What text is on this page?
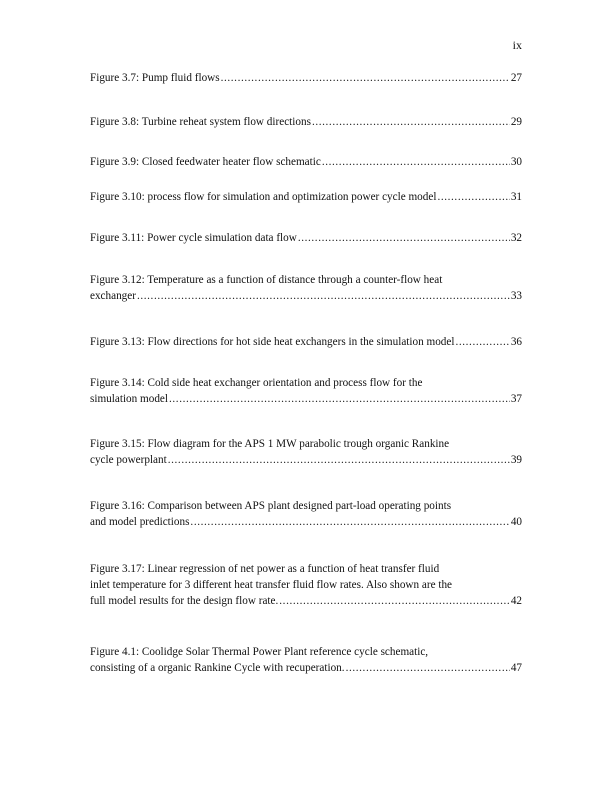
ix
Figure 3.7: Pump fluid flows .....	27
Figure 3.8: Turbine reheat system flow directions .....	29
Figure 3.9: Closed feedwater heater flow schematic .....	30
Figure 3.10: process flow for simulation and optimization power cycle model .....	31
Figure 3.11: Power cycle simulation data flow .....	32
Figure 3.12: Temperature as a function of distance through a counter-flow heat
exchanger .....	33
Figure 3.13: Flow directions for hot side heat exchangers in the simulation model .....	36
Figure 3.14: Cold side heat exchanger orientation and process flow for the
simulation model .....	37
Figure 3.15: Flow diagram for the APS 1 MW parabolic trough organic Rankine
cycle powerplant .....	39
Figure 3.16: Comparison between APS plant designed part-load operating points
and model predictions .....	40
Figure 3.17: Linear regression of net power as a function of heat transfer fluid
inlet temperature for 3 different heat transfer fluid flow rates. Also shown are the
full model results for the design flow rate. .....	42
Figure 4.1: Coolidge Solar Thermal Power Plant reference cycle schematic,
consisting of a organic Rankine Cycle with recuperation. .....	47
